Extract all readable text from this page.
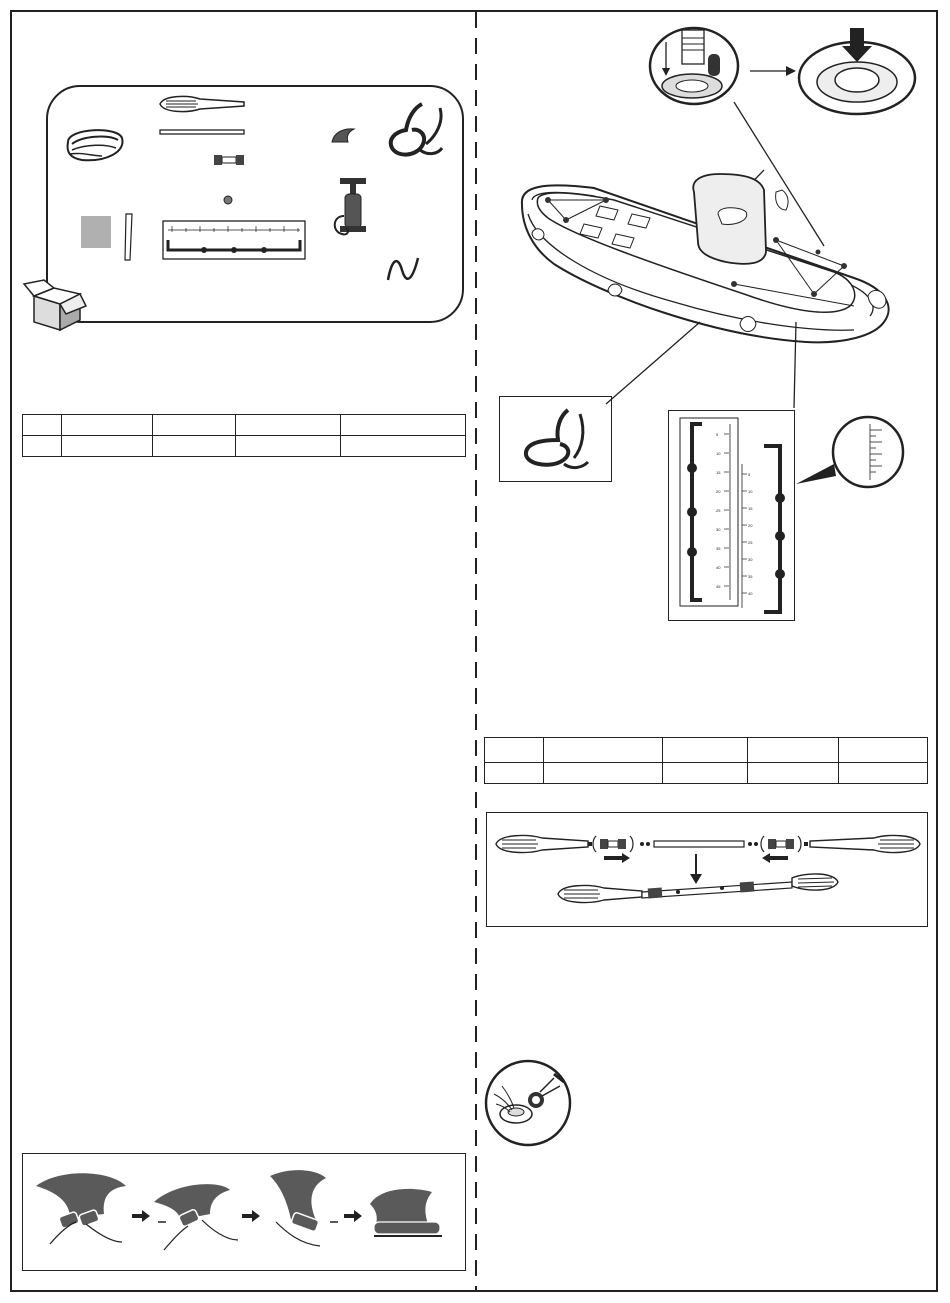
5
10
15
20
25
30
35
40
45
5
10
15
20
25
30
35
40
